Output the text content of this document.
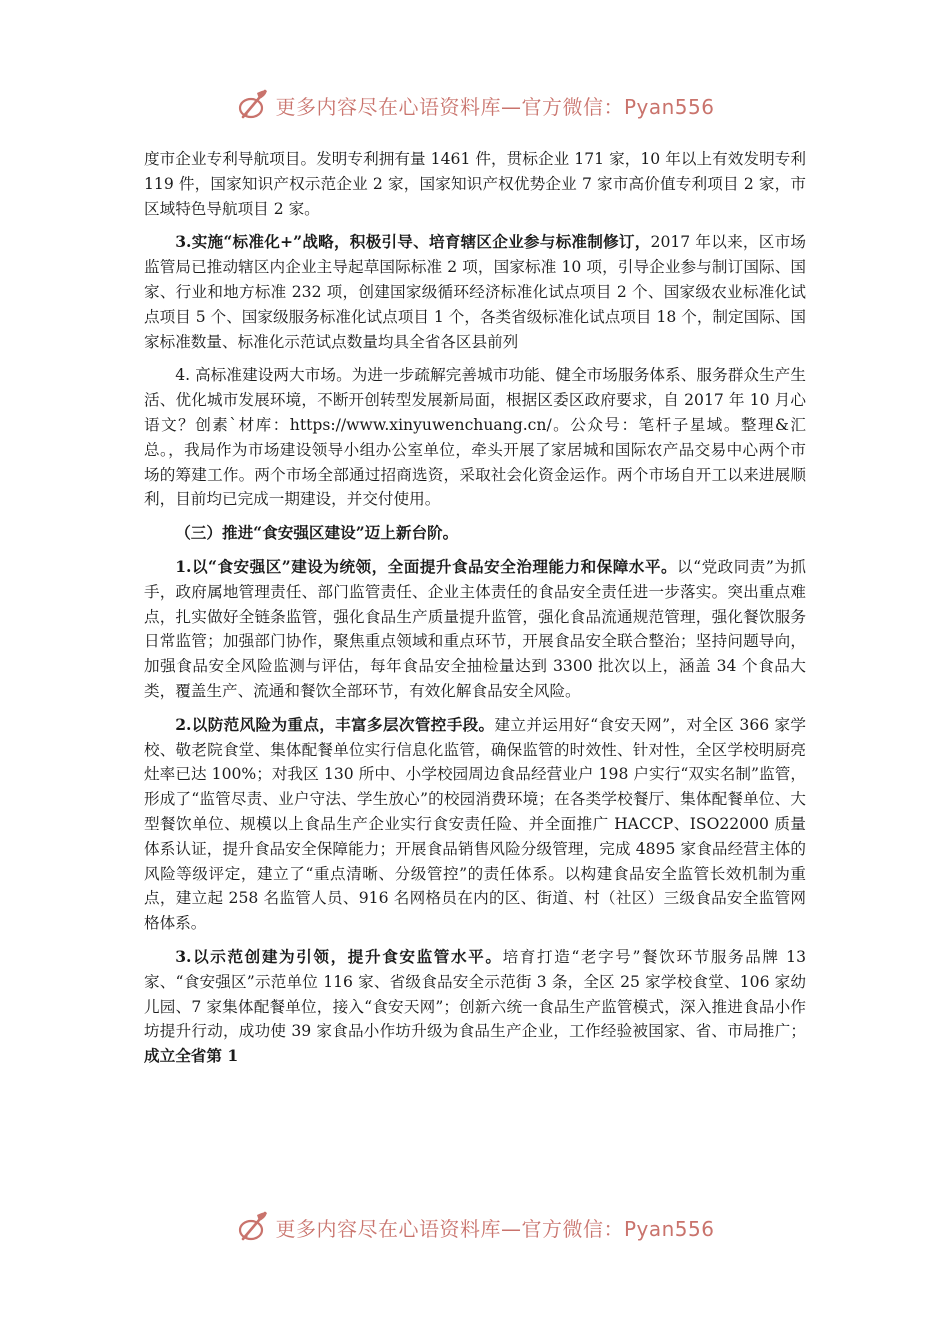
更多内容尽在心语资料库—官方微信：Pyan556

度市企业专利导航项目。发明专利拥有量 1461 件，贯标企业 171 家，10 年以上有效发明专利 119 件，国家知识产权示范企业 2 家，国家知识产权优势企业 7 家市高价值专利项目 2 家，市区域特色导航项目 2 家。

3.实施“标准化+”战略，积极引导、培育辖区企业参与标准制修订，2017 年以来，区市场监管局已推动辖区内企业主导起草国际标准 2 项，国家标准 10 项，引导企业参与制订国际、国家、行业和地方标准 232 项，创建国家级循环经济标准化试点项目 2 个、国家级农业标准化试点项目 5 个、国家级服务标准化试点项目 1 个，各类省级标准化试点项目 18 个，制定国际、国家标准数量、标准化示范试点数量均具全省各区县前列

4. 高标准建设两大市场。为进一步疏解完善城市功能、健全市场服务体系、服务群众生产生活、优化城市发展环境，不断开创转型发展新局面，根据区委区政府要求，自 2017 年 10 月心语文？创素`材库：https://www.xinyuwenchuang.cn/。公众号：笔杆子星域。整理&汇总。，我局作为市场建设领导小组办公室单位，牵头开展了家居城和国际农产品交易中心两个市场的筹建工作。两个市场全部通过招商选资，采取社会化资金运作。两个市场自开工以来进展顺利，目前均已完成一期建设，并交付使用。

（三）推进“食安强区建设”迈上新台阶。

1.以“食安强区”建设为统领，全面提升食品安全治理能力和保障水平。以“党政同责”为抓手，政府属地管理责任、部门监管责任、企业主体责任的食品安全责任进一步落实。突出重点难点，扎实做好全链条监管，强化食品生产质量提升监管，强化食品流通规范管理，强化餐饮服务日常监管；加强部门协作，聚焦重点领域和重点环节，开展食品安全联合整治；坚持问题导向，加强食品安全风险监测与评估，每年食品安全抽检量达到 3300 批次以上，涵盖 34 个食品大类，覆盖生产、流通和餐饮全部环节，有效化解食品安全风险。

2.以防范风险为重点，丰富多层次管控手段。建立并运用好“食安天网”，对全区 366 家学校、敬老院食堂、集体配餐单位实行信息化监管，确保监管的时效性、针对性，全区学校明厨亮灶率已达 100%；对我区 130 所中、小学校园周边食品经营业户 198 户实行“双实名制”监管，形成了“监管尽责、业户守法、学生放心”的校园消费环境；在各类学校餐厅、集体配餐单位、大型餐饮单位、规模以上食品生产企业实行食安责任险、并全面推广 HACCP、ISO22000 质量体系认证，提升食品安全保障能力；开展食品销售风险分级管理，完成 4895 家食品经营主体的风险等级评定，建立了“重点清晰、分级管控”的责任体系。以构建食品安全监管长效机制为重点，建立起 258 名监管人员、916 名网格员在内的区、街道、村（社区）三级食品安全监管网格体系。

3.以示范创建为引领，提升食安监管水平。培育打造“老字号”餐饮环节服务品牌 13 家、“食安强区”示范单位 116 家、省级食品安全示范街 3 条，全区 25 家学校食堂、106 家幼儿园、7 家集体配餐单位，接入“食安天网”；创新六统一食品生产监管模式，深入推进食品小作坊提升行动，成功使 39 家食品小作坊升级为食品生产企业，工作经验被国家、省、市局推广；成立全省第 1

更多内容尽在心语资料库—官方微信：Pyan556
